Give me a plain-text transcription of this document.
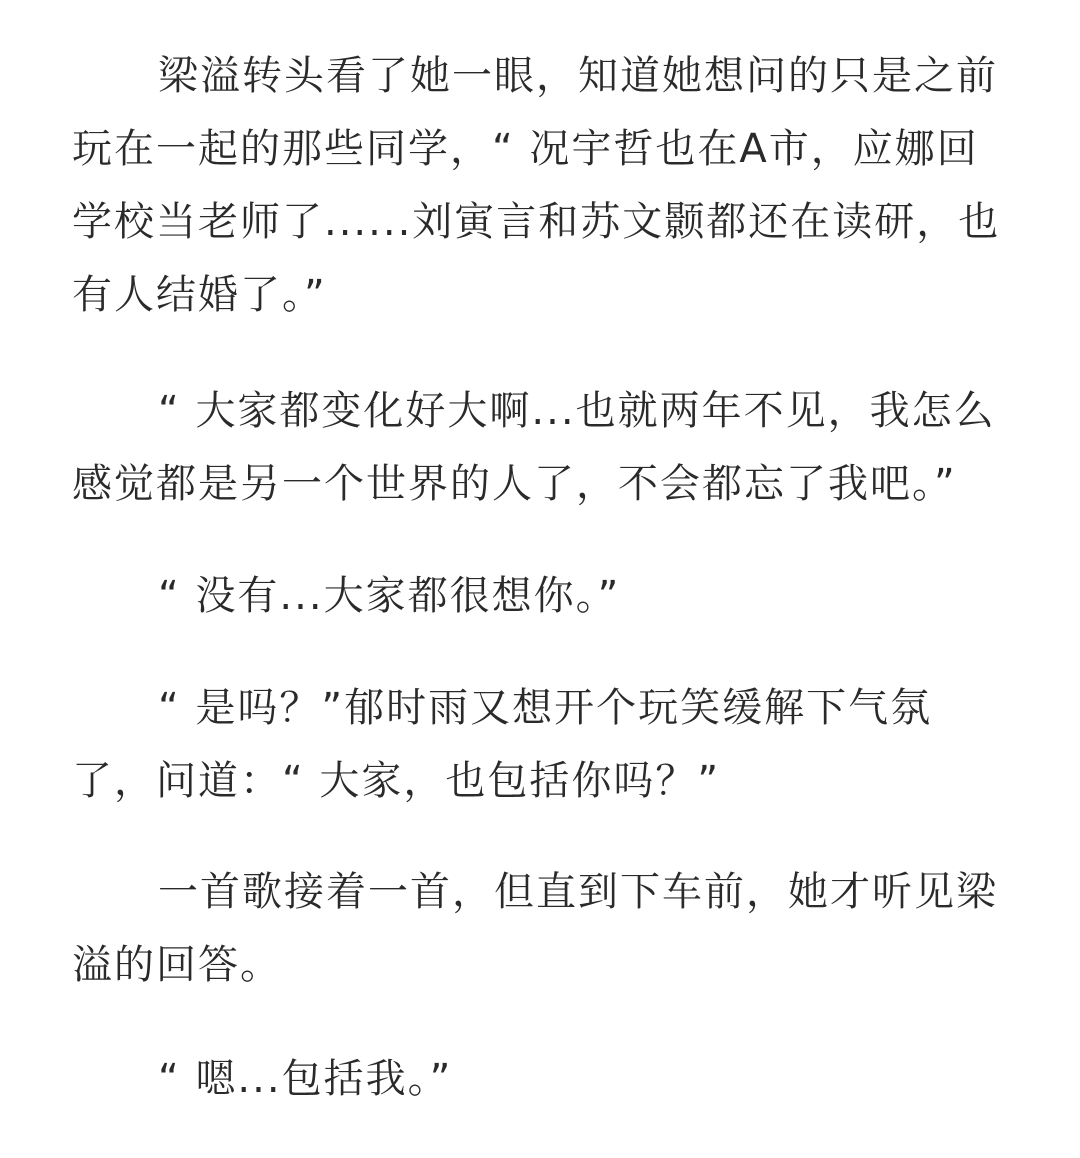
梁溢转头看了她一眼，知道她想问的只是之前玩在一起的那些同学，“ 况宇哲也在A市，应娜回学校当老师了......刘寅言和苏文颢都还在读研，也有人结婚了。”

“ 大家都变化好大啊...也就两年不见，我怎么感觉都是另一个世界的人了，不会都忘了我吧。”

“ 没有...大家都很想你。”

“ 是吗？”郁时雨又想开个玩笑缓解下气氛了，问道：“ 大家，也包括你吗？”

一首歌接着一首，但直到下车前，她才听见梁溢的回答。

“ 嗯...包括我。”
